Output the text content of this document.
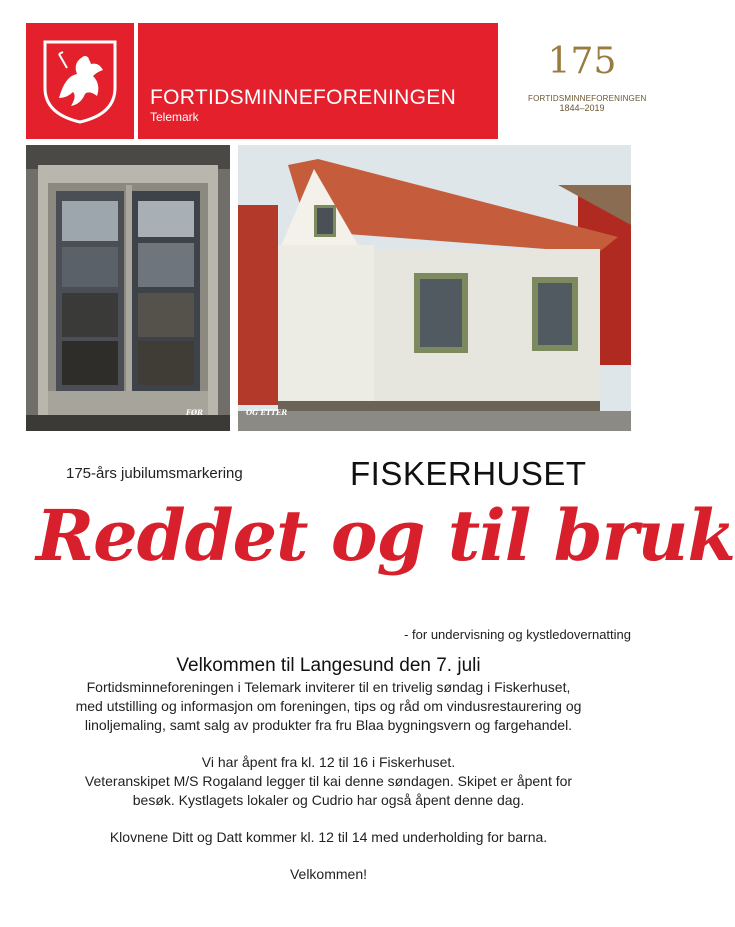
FORTIDSMINNEFORENINGEN
Telemark
175
FORTIDSMINNEFORENINGEN
1844–2019
FØR	OG ETTER
175-års jubilumsmarkering	FISKERHUSET
Reddet og til bruk
- for undervisning og kystledovernatting

Velkommen til Langesund den 7. juli

Fortidsminneforeningen i Telemark inviterer til en trivelig søndag i Fiskerhuset,

med utstilling og informasjon om foreningen, tips og råd om vindusrestaurering og

linoljemaling, samt salg av produkter fra fru Blaa bygningsvern og fargehandel.

Vi har åpent fra kl. 12 til 16 i Fiskerhuset.

Veteranskipet M/S Rogaland legger til kai denne søndagen. Skipet er åpent for

besøk. Kystlagets lokaler og Cudrio har også åpent denne dag.

Klovnene Ditt og Datt kommer kl. 12 til 14 med underholding for barna.

Velkommen!
